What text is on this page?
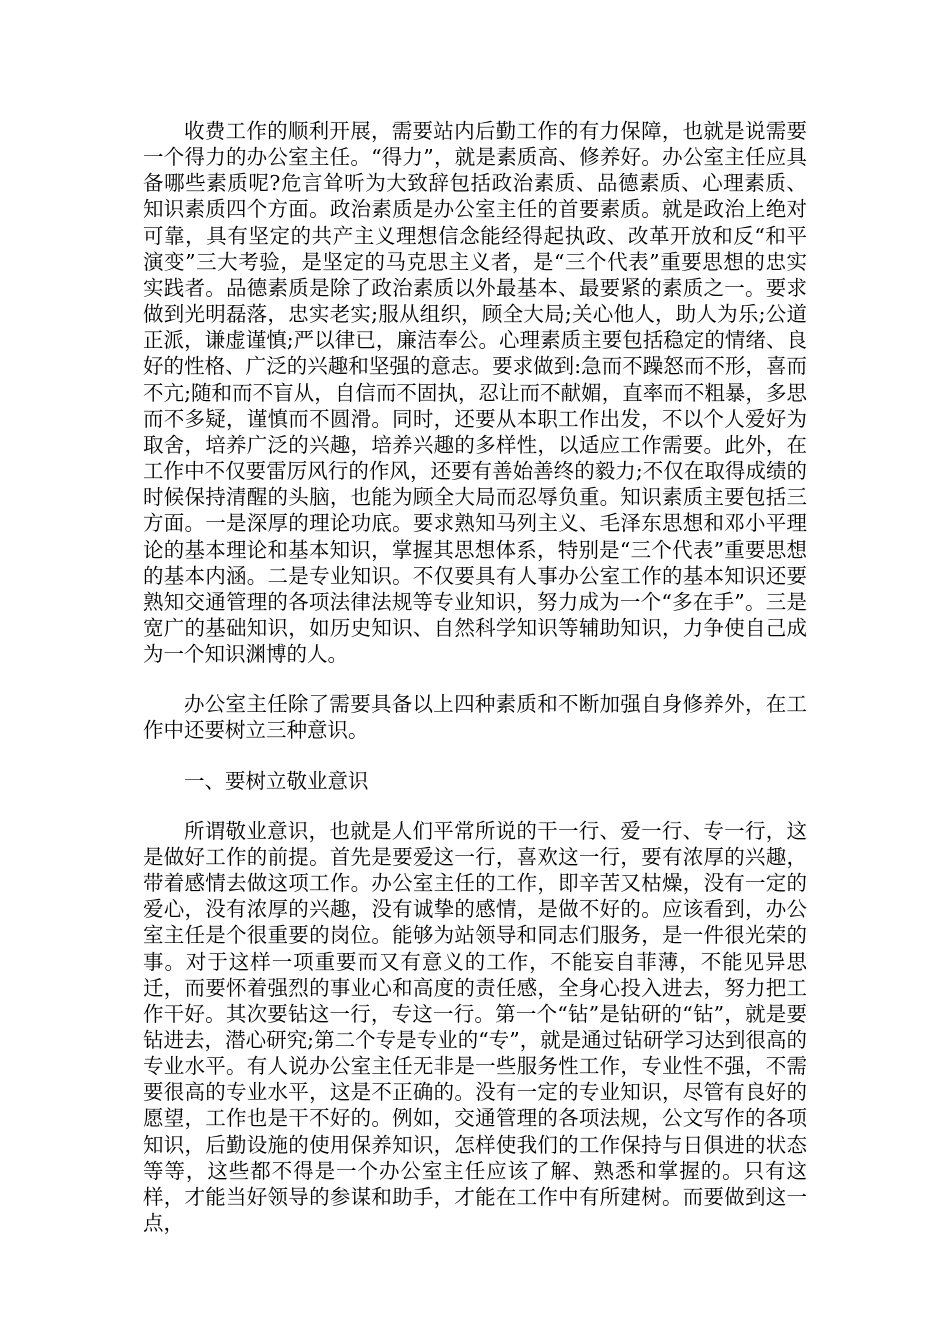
收费工作的顺利开展，需要站内后勤工作的有力保障，也就是说需要一个得力的办公室主任。“得力”，就是素质高、修养好。办公室主任应具备哪些素质呢?危言耸听为大致辞包括政治素质、品德素质、心理素质、知识素质四个方面。政治素质是办公室主任的首要素质。就是政治上绝对可靠，具有坚定的共产主义理想信念能经得起执政、改革开放和反“和平演变”三大考验，是坚定的马克思主义者，是“三个代表”重要思想的忠实实践者。品德素质是除了政治素质以外最基本、最要紧的素质之一。要求做到光明磊落，忠实老实;服从组织，顾全大局;关心他人，助人为乐;公道正派，谦虚谨慎;严以律已，廉洁奉公。心理素质主要包括稳定的情绪、良好的性格、广泛的兴趣和坚强的意志。要求做到:急而不躁怒而不形，喜而不亢;随和而不盲从，自信而不固执，忍让而不献媚，直率而不粗暴，多思而不多疑，谨慎而不圆滑。同时，还要从本职工作出发，不以个人爱好为取舍，培养广泛的兴趣，培养兴趣的多样性，以适应工作需要。此外，在工作中不仅要雷厉风行的作风，还要有善始善终的毅力;不仅在取得成绩的时候保持清醒的头脑，也能为顾全大局而忍辱负重。知识素质主要包括三方面。一是深厚的理论功底。要求熟知马列主义、毛泽东思想和邓小平理论的基本理论和基本知识，掌握其思想体系，特别是“三个代表”重要思想的基本内涵。二是专业知识。不仅要具有人事办公室工作的基本知识还要熟知交通管理的各项法律法规等专业知识，努力成为一个“多在手”。三是宽广的基础知识，如历史知识、自然科学知识等辅助知识，力争使自己成为一个知识渊博的人。

办公室主任除了需要具备以上四种素质和不断加强自身修养外，在工作中还要树立三种意识。

一、要树立敬业意识

所谓敬业意识，也就是人们平常所说的干一行、爱一行、专一行，这是做好工作的前提。首先是要爱这一行，喜欢这一行，要有浓厚的兴趣，带着感情去做这项工作。办公室主任的工作，即辛苦又枯燥，没有一定的爱心，没有浓厚的兴趣，没有诚挚的感情，是做不好的。应该看到，办公室主任是个很重要的岗位。能够为站领导和同志们服务，是一件很光荣的事。对于这样一项重要而又有意义的工作，不能妄自菲薄，不能见异思迁，而要怀着强烈的事业心和高度的责任感，全身心投入进去，努力把工作干好。其次要钻这一行，专这一行。第一个“钻”是钻研的“钻”，就是要钻进去，潜心研究;第二个专是专业的“专”，就是通过钻研学习达到很高的专业水平。有人说办公室主任无非是一些服务性工作，专业性不强，不需要很高的专业水平，这是不正确的。没有一定的专业知识，尽管有良好的愿望，工作也是干不好的。例如，交通管理的各项法规，公文写作的各项知识，后勤设施的使用保养知识，怎样使我们的工作保持与日俱进的状态等等，这些都不得是一个办公室主任应该了解、熟悉和掌握的。只有这样，才能当好领导的参谋和助手，才能在工作中有所建树。而要做到这一点，
